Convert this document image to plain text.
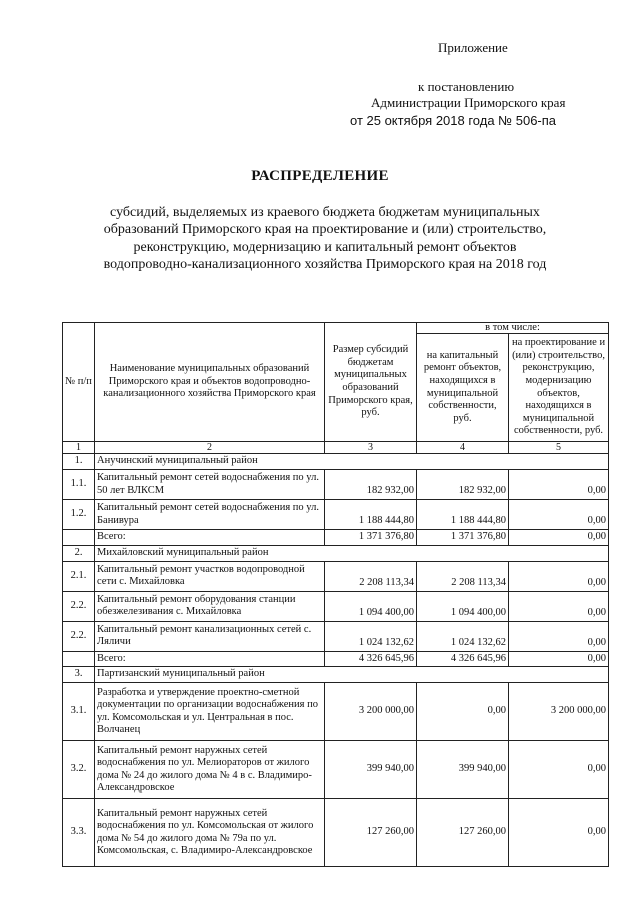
Приложение
к постановлению
Администрации Приморского края
от 25 октября 2018 года № 506-па
РАСПРЕДЕЛЕНИЕ
субсидий, выделяемых из краевого бюджета бюджетам муниципальных образований Приморского края на проектирование и (или) строительство, реконструкцию, модернизацию и капитальный ремонт объектов водопроводно-канализационного хозяйства Приморского края на 2018 год
№ п/п	Наименование муниципальных образований Приморского края и объектов водопроводно-канализационного хозяйства Приморского края	Размер субсидий бюджетам муниципальных образований Приморского края, руб.	в том числе:	
			на капитальный ремонт объектов, находящихся в муниципальной собственности, руб.	на проектирование и (или) строительство, реконструкцию, модернизацию объектов, находящихся в муниципальной собственности, руб.
1	2	3	4	5
1.	Анучинский муниципальный район			
1.1.	Капитальный ремонт сетей водоснабжения по ул. 50 лет ВЛКСМ	182 932,00	182 932,00	0,00
1.2.	Капитальный ремонт сетей водоснабжения по ул. Банивура	1 188 444,80	1 188 444,80	0,00
	Всего:	1 371 376,80	1 371 376,80	0,00
2.	Михайловский муниципальный район			
2.1.	Капитальный ремонт участков водопроводной сети с. Михайловка	2 208 113,34	2 208 113,34	0,00
2.2.	Капитальный ремонт оборудования станции обезжелезивания с. Михайловка	1 094 400,00	1 094 400,00	0,00
2.2.	Капитальный ремонт канализационных сетей с. Ляличи	1 024 132,62	1 024 132,62	0,00
	Всего:	4 326 645,96	4 326 645,96	0,00
3.	Партизанский муниципальный район			
3.1.	Разработка и утверждение проектно-сметной документации по организации водоснабжения по ул. Комсомольская и ул. Центральная в пос. Волчанец	3 200 000,00	0,00	3 200 000,00
3.2.	Капитальный ремонт наружных сетей водоснабжения по ул. Мелиораторов от жилого дома № 24 до жилого дома № 4 в с. Владимиро-Александровское	399 940,00	399 940,00	0,00
3.3.	Капитальный ремонт наружных сетей водоснабжения по ул. Комсомольская от жилого дома № 54 до жилого дома № 79а по ул. Комсомольская, с. Владимиро-Александровское	127 260,00	127 260,00	0,00
